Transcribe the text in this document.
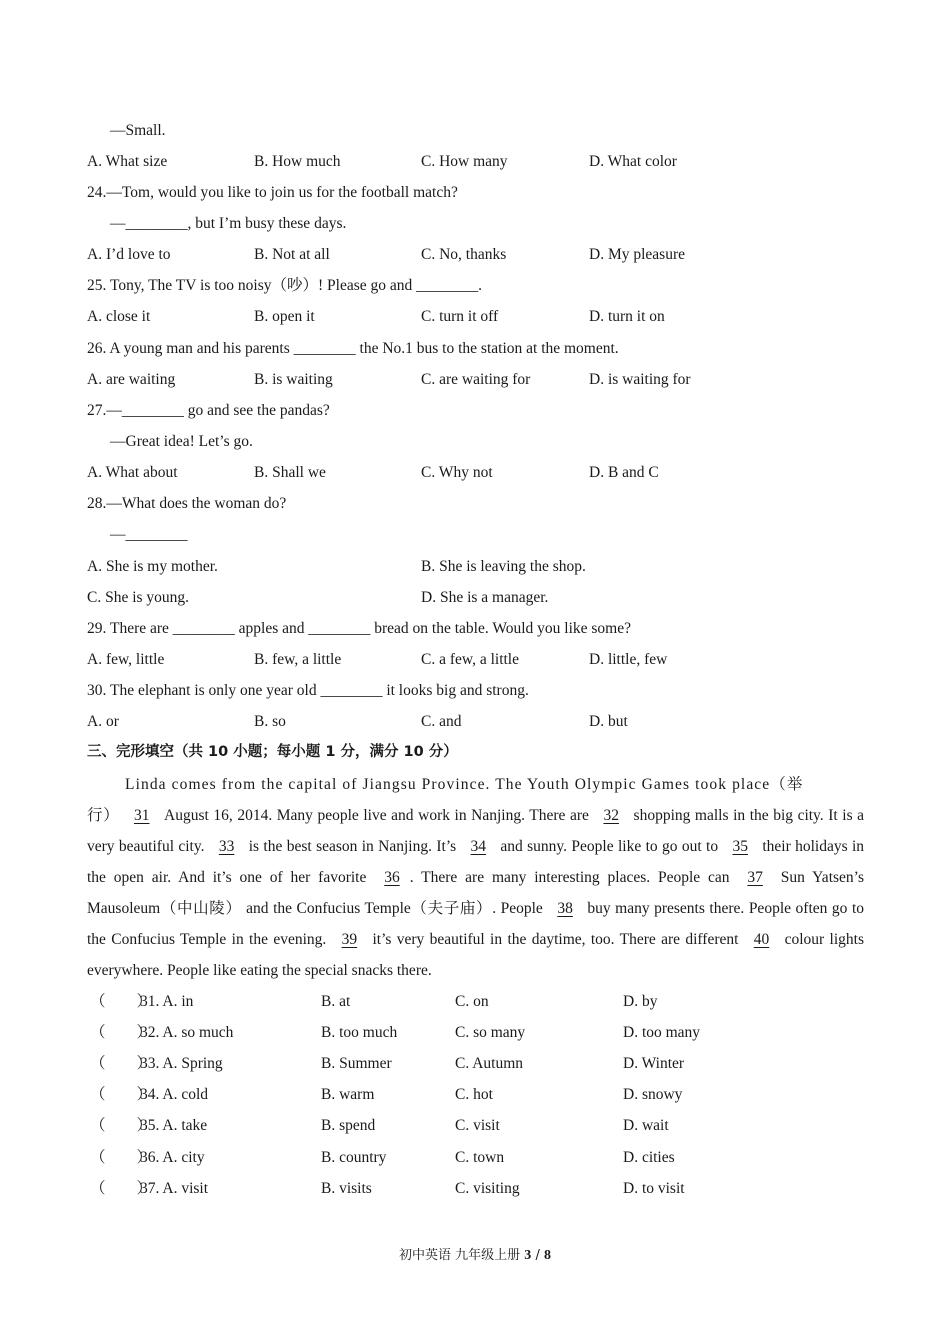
—Small.
A. What size	B. How much	C. How many	D. What color
24.—Tom, would you like to join us for the football match?
—________, but I’m busy these days.
A. I’d love to	B. Not at all	C. No, thanks	D. My pleasure
25. Tony, The TV is too noisy（吵）! Please go and ________.
A. close it	B. open it	C. turn it off	D. turn it on
26. A young man and his parents ________ the No.1 bus to the station at the moment.
A. are waiting	B. is waiting	C. are waiting for	D. is waiting for
27.—________ go and see the pandas?
—Great idea! Let’s go.
A. What about	B. Shall we	C. Why not	D. B and C
28.—What does the woman do?
—________
A. She is my mother.	B. She is leaving the shop.
C. She is young.	D. She is a manager.
29. There are ________ apples and ________ bread on the table. Would you like some?
A. few, little	B. few, a little	C. a few, a little	D. little, few
30. The elephant is only one year old ________ it looks big and strong.
A. or	B. so	C. and	D. but
三、完形填空（共 10 小题；每小题 1 分，满分 10 分）

Linda comes from the capital of Jiangsu Province. The Youth Olympic Games took place（举

行） 31 August 16, 2014. Many people live and work in Nanjing. There are 32 shopping malls in the big city. It is a very beautiful city. 33 is the best season in Nanjing. It’s 34 and sunny. People like to go out to 35 their holidays in the open air. And it’s one of her favorite 36 . There are many interesting places. People can 37 Sun Yatsen’s Mausoleum（中山陵） and the Confucius Temple（夫子庙）. People 38 buy many presents there. People often go to the Confucius Temple in the evening. 39 it’s very beautiful in the daytime, too. There are different 40 colour lights everywhere. People like eating the special snacks there.
（　　）
31. A. in	B. at	C. on	D. by
（　　）
32. A. so much	B. too much	C. so many	D. too many
（　　）
33. A. Spring	B. Summer	C. Autumn	D. Winter
（　　）
34. A. cold	B. warm	C. hot	D. snowy
（　　）
35. A. take	B. spend	C. visit	D. wait
（　　）
36. A. city	B. country	C. town	D. cities
（　　）
37. A. visit	B. visits	C. visiting	D. to visit
初中英语 九年级上册 3 / 8
